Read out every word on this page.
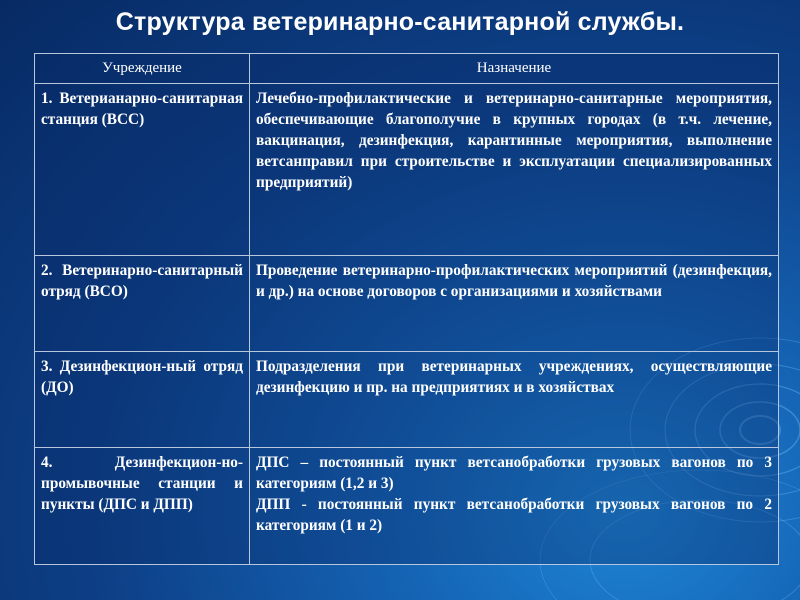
Структура ветеринарно-санитарной службы.
Учреждение	Назначение
1. Ветерианарно-санитарная станция (ВСС)	Лечебно-профилактические и ветеринарно-санитарные мероприятия, обеспечивающие благополучие в крупных городах (в т.ч. лечение, вакцинация, дезинфекция, карантинные мероприятия, выполнение ветсанправил при строительстве и эксплуатации специализированных предприятий)
2. Ветеринарно-санитарный отряд (ВСО)	Проведение ветеринарно-профилактических мероприятий (дезинфекция, и др.) на основе договоров с организациями и хозяйствами
3. Дезинфекцион-ный отряд (ДО)	Подразделения при ветеринарных учреждениях, осуществляющие дезинфекцию и пр. на предприятиях и в хозяйствах
4. Дезинфекцион-но-промывочные станции и пункты (ДПС и ДПП)	ДПС – постоянный пункт ветсанобработки грузовых вагонов по 3 категориям (1,2 и 3)
ДПП - постоянный пункт ветсанобработки грузовых вагонов по 2 категориям (1 и 2)
